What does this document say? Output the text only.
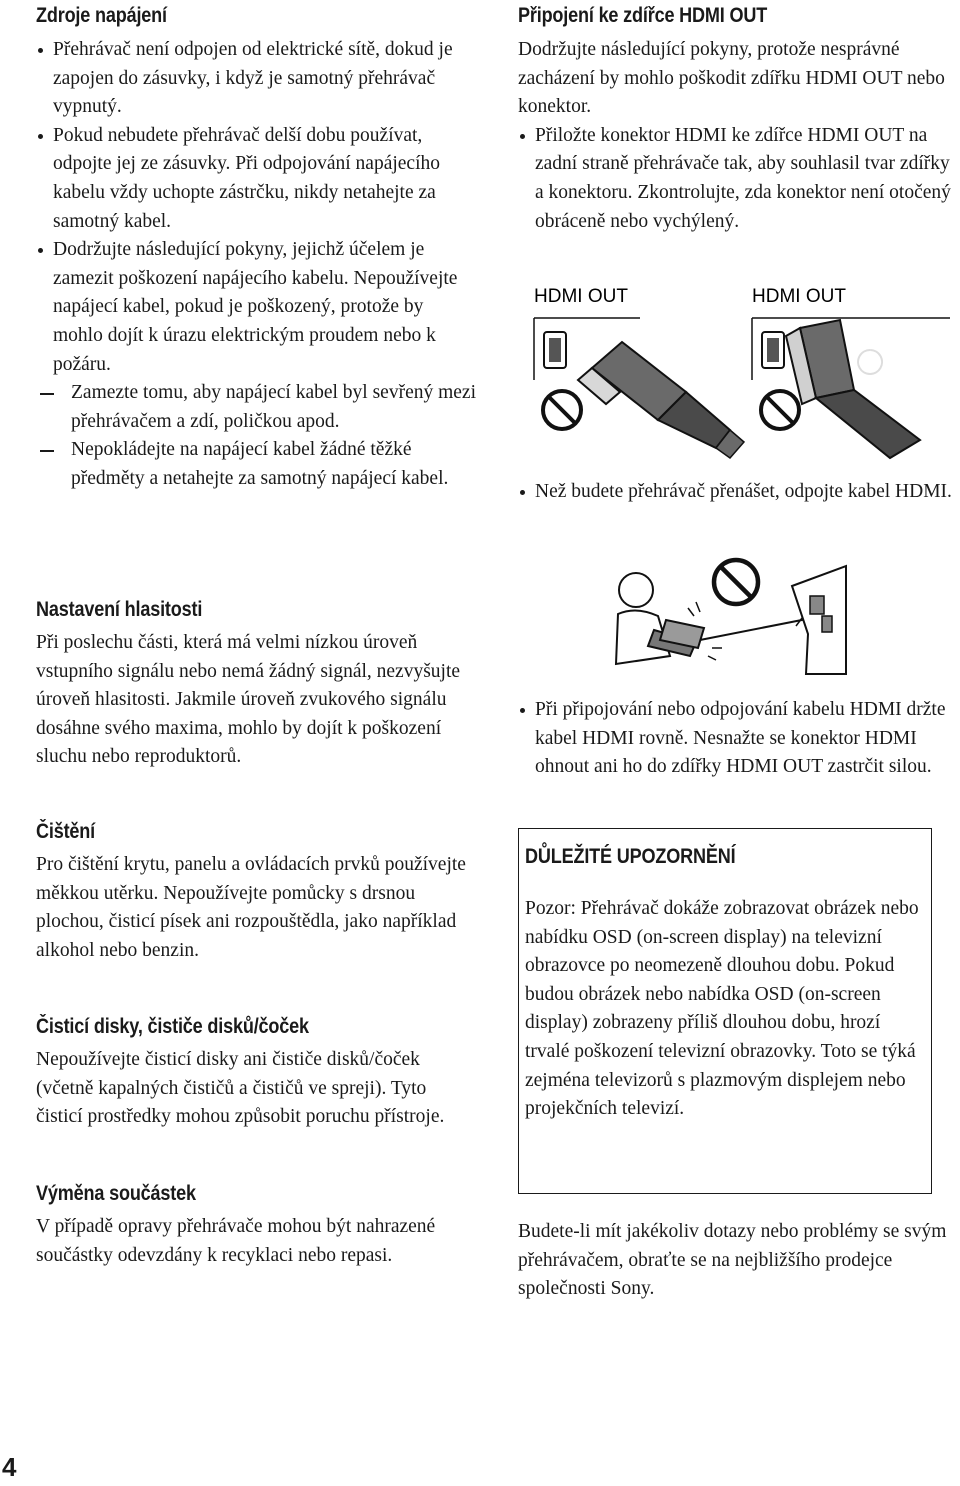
Zdroje napájení
Přehrávač není odpojen od elektrické sítě, dokud je zapojen do zásuvky, i když je samotný přehrávač vypnutý.
Pokud nebudete přehrávač delší dobu používat, odpojte jej ze zásuvky. Při odpojování napájecího kabelu vždy uchopte zástrčku, nikdy netahejte za samotný kabel.
Dodržujte následující pokyny, jejichž účelem je zamezit poškození napájecího kabelu. Nepoužívejte napájecí kabel, pokud je poškozený, protože by mohlo dojít k úrazu elektrickým proudem nebo k požáru.
Zamezte tomu, aby napájecí kabel byl sevřený mezi přehrávačem a zdí, poličkou apod.
Nepokládejte na napájecí kabel žádné těžké předměty a netahejte za samotný napájecí kabel.
Nastavení hlasitosti

Při poslechu části, která má velmi nízkou úroveň vstupního signálu nebo nemá žádný signál, nezvyšujte úroveň hlasitosti. Jakmile úroveň zvukového signálu dosáhne svého maxima, mohlo by dojít k poškození sluchu nebo reproduktorů.

Čištění

Pro čištění krytu, panelu a ovládacích prvků používejte měkkou utěrku. Nepoužívejte pomůcky s drsnou plochou, čisticí písek ani rozpouštědla, jako například alkohol nebo benzin.

Čisticí disky, čističe disků/čoček

Nepoužívejte čisticí disky ani čističe disků/čoček (včetně kapalných čističů a čističů ve spreji). Tyto čisticí prostředky mohou způsobit poruchu přístroje.

Výměna součástek

V případě opravy přehrávače mohou být nahrazené součástky odevzdány k recyklaci nebo repasi.

Připojení ke zdířce HDMI OUT

Dodržujte následující pokyny, protože nesprávné zacházení by mohlo poškodit zdířku HDMI OUT nebo konektor.

Přiložte konektor HDMI ke zdířce HDMI OUT na zadní straně přehrávače tak, aby souhlasil tvar zdířky a konektoru. Zkontrolujte, zda konektor není otočený obráceně nebo vychýlený.
Než budete přehrávač přenášet, odpojte kabel HDMI.
Při připojování nebo odpojování kabelu HDMI držte kabel HDMI rovně. Nesnažte se konektor HDMI ohnout ani ho do zdířky HDMI OUT zastrčit silou.
HDMI OUT	HDMI OUT
DŮLEŽITÉ UPOZORNĚNÍ

Pozor: Přehrávač dokáže zobrazovat obrázek nebo nabídku OSD (on-screen display) na televizní obrazovce po neomezeně dlouhou dobu. Pokud budou obrázek nebo nabídka OSD (on-screen display) zobrazeny příliš dlouhou dobu, hrozí trvalé poškození televizní obrazovky. Toto se týká zejména televizorů s plazmovým displejem nebo projekčních televizí.

Budete-li mít jakékoliv dotazy nebo problémy se svým přehrávačem, obraťte se na nejbližšího prodejce společnosti Sony.

4
